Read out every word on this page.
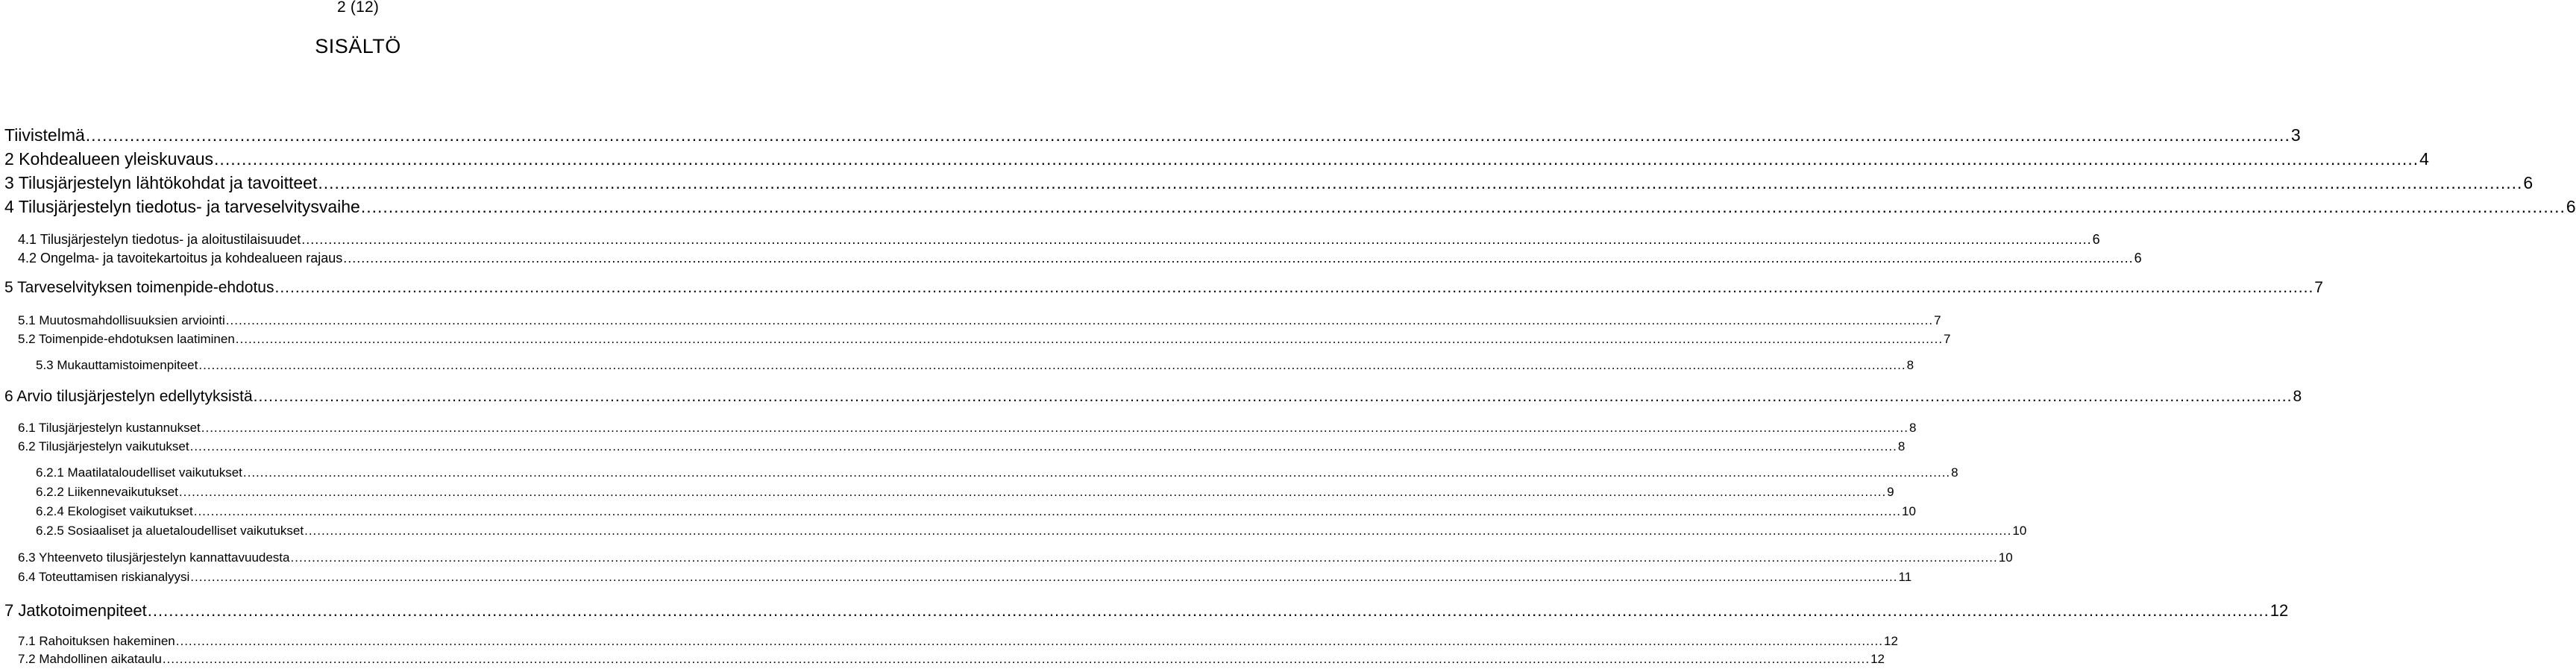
2 (12)
SISÄLTÖ
Tiivistelmä ................................................................................................................................................................................................................................................................................................................................................................................................................ 3
2 Kohdealueen yleiskuvaus ................................................................................................................................................................................................................................................................................................................................................................................................................ 4
3 Tilusjärjestelyn lähtökohdat ja tavoitteet ................................................................................................................................................................................................................................................................................................................................................................................................................ 6
4 Tilusjärjestelyn tiedotus- ja tarveselvitysvaihe ................................................................................................................................................................................................................................................................................................................................................................................................................ 6
4.1 Tilusjärjestelyn tiedotus- ja aloitustilaisuudet ................................................................................................................................................................................................................................................................................................................................................................................................................ 6
4.2 Ongelma- ja tavoitekartoitus ja kohdealueen rajaus ................................................................................................................................................................................................................................................................................................................................................................................................................ 6
5 Tarveselvityksen toimenpide-ehdotus ................................................................................................................................................................................................................................................................................................................................................................................................................ 7
5.1 Muutosmahdollisuuksien arviointi ................................................................................................................................................................................................................................................................................................................................................................................................................ 7
5.2 Toimenpide-ehdotuksen laatiminen ................................................................................................................................................................................................................................................................................................................................................................................................................ 7
5.3 Mukauttamistoimenpiteet ................................................................................................................................................................................................................................................................................................................................................................................................................ 8
6 Arvio tilusjärjestelyn edellytyksistä ................................................................................................................................................................................................................................................................................................................................................................................................................ 8
6.1 Tilusjärjestelyn kustannukset ................................................................................................................................................................................................................................................................................................................................................................................................................ 8
6.2 Tilusjärjestelyn vaikutukset ................................................................................................................................................................................................................................................................................................................................................................................................................ 8
6.2.1 Maatilataloudelliset vaikutukset ................................................................................................................................................................................................................................................................................................................................................................................................................ 8
6.2.2 Liikennevaikutukset ................................................................................................................................................................................................................................................................................................................................................................................................................ 9
6.2.4 Ekologiset vaikutukset ................................................................................................................................................................................................................................................................................................................................................................................................................ 10
6.2.5 Sosiaaliset ja aluetaloudelliset vaikutukset ................................................................................................................................................................................................................................................................................................................................................................................................................ 10
6.3 Yhteenveto tilusjärjestelyn kannattavuudesta ................................................................................................................................................................................................................................................................................................................................................................................................................ 10
6.4 Toteuttamisen riskianalyysi ................................................................................................................................................................................................................................................................................................................................................................................................................ 11
7 Jatkotoimenpiteet ................................................................................................................................................................................................................................................................................................................................................................................................................ 12
7.1 Rahoituksen hakeminen ................................................................................................................................................................................................................................................................................................................................................................................................................ 12
7.2 Mahdollinen aikataulu ................................................................................................................................................................................................................................................................................................................................................................................................................ 12
